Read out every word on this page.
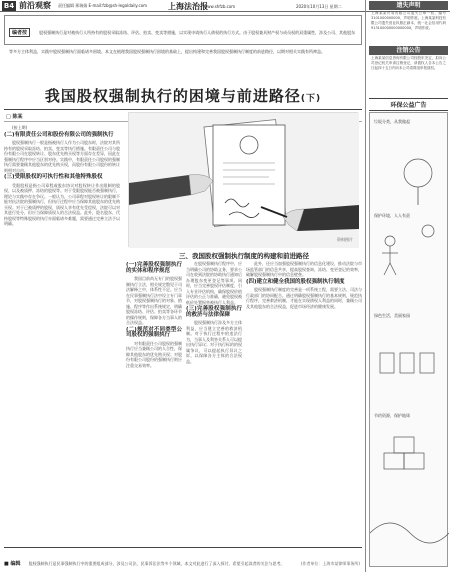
B4 前沿观察 责任编辑 邢瑞娟 E-mail:fzb@sh-legaldaily.com	上海法治报
www.shfzb.com	2020年10月13日 星期二
编者按	股权强制执行是对被执行人所持有的股权采取冻结、评估、拍卖、变卖等措施，以实现申请执行人债权的执行方式。由于股权兼具财产权与成员权的双重属性，涉及公司、其他股东等多方主体利益，实践中股权强制执行面临诸多困境。本文在梳理我国股权强制执行困境的基础上，提出构建和完善我国股权强制执行制度的前进路径，以期对相关实践有所裨益。
我国股权强制执行的困境与前进路径(下)
□ 陈某

(接上期)

(二)有限责任公司和股份有限公司的强制执行

股权强制执行一般是指被执行人作为公司股东时，法院对其所持有的股权采取冻结、拍卖、变卖等执行措施。有限责任公司与股份有限公司在股权转让、股东优先购买权等方面存在差异，因此在强制执行程序中应当区别对待。实践中，有限责任公司股权的强制执行需要兼顾其他股东的优先购买权，而股份有限公司股份的转让则相对自由。

(三)受限股权的可执行性和其他特殊股权

受限股权是指公司章程或股东协议对股权转让作出限制的股权，以及被质押、冻结的股权等。对于受限股权能否被强制执行，理论与实践中存在争议。一般认为，公司章程对股权转让的限制不能对抗法院的强制执行，但执行过程中应当保障其他股东的优先购买权。对于已被质押的股权，质权人享有优先受偿权，法院可以对其进行处分，但应当保障质权人的合法权益。此外，隐名股东、代持股权等特殊股权的执行亦面临诸多难题，需要通过完善立法予以明确。

资料图片
三、我国股权强制执行制度的构建和前进路径
(一)完善股权强制执行的实体和程序规范

我国目前尚无专门的股权强制执行立法，相关规定散见于司法解释之中，体系性不足。应当在民事强制执行法中设立专门章节，对股权强制执行的对象、措施、程序等作出系统规定，明确股权冻结、评估、拍卖等各环节的操作规则，保障各方当事人的合法权益。

(二)规范对不同类型公司股权的强制执行

对有限责任公司股权的强制执行应当兼顾公司的人合性，保障其他股东的优先购买权；对股份有限公司股份的强制执行则应注重交易效率。

在股权强制执行程序中，应当明确公司的协助义务，要求公司在收到法院的协助执行通知后办理股东变更登记等事项。同时，应当完善股权评估制度，引入专业评估机构，确保股权价值评估的公正与准确，避免股权被低价处置损害被执行人利益。

(三)完善股权强制执行的救济与法律保障

股权强制执行涉及多方主体利益，应当建立完善的救济机制。对于执行过程中的违法行为，当事人及利害关系人可以提出执行异议；对于执行标的的权属争议，可以提起执行异议之诉，以保障各方主体的合法权益。

此外，还应当加强股权强制执行的信息化建设，推动法院与市场监管部门的信息共享，提高股权查询、冻结、变更登记的效率，破解股权强制执行中的信息壁垒。

(四)建立和健全我国的股权强制执行制度

股权强制执行制度的完善是一项系统工程，需要立法、司法与行政部门的协同配合。通过明确股权强制执行的基本规则，规范执行程序，完善救济机制，才能在实现债权人利益的同时，兼顾公司及其他股东的合法权益，促进市场经济的健康发展。

■ 编辑 股权强制执行是民事强制执行中的重要组成部分，涉及公司法、民事诉讼法等多个领域，本文对此进行了深入探讨，希望引起读者的关注与思考。	(作者单位：上海市某律师事务所)
遗失声明
上海某某贸易有限公司遗失公章一枚，编号3101000000000，声明作废。上海某某科技有限公司遗失营业执照正副本，统一社会信用代码91310000000000000X，声明作废。
注销公告
上海某某信息咨询有限公司经股东决定，拟向公司登记机关申请注销登记，请债权人自本公告之日起四十五日内向本公司清算组申报债权。
环保公益广告
垃圾分类，从我做起
保护环境，人人有责
绿色生活，美丽家园
节约资源，保护地球
